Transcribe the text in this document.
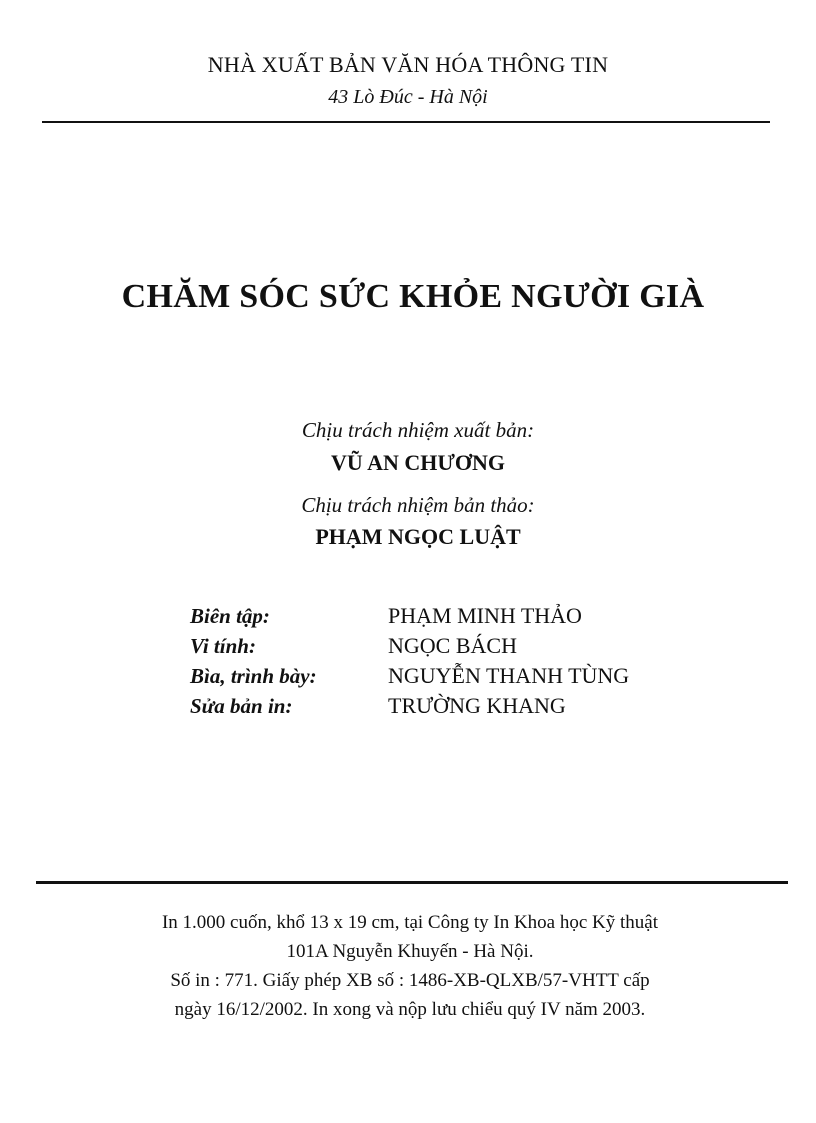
NHÀ XUẤT BẢN VĂN HÓA THÔNG TIN
43 Lò Đúc - Hà Nội
CHĂM SÓC SỨC KHỎE NGƯỜI GIÀ
Chịu trách nhiệm xuất bản:
VŨ AN CHƯƠNG
Chịu trách nhiệm bản thảo:
PHẠM NGỌC LUẬT
Biên tập:	PHẠM MINH THẢO
Vi tính:	NGỌC BÁCH
Bìa, trình bày:	NGUYỄN THANH TÙNG
Sửa bản in:	TRƯỜNG KHANG
In 1.000 cuốn, khổ 13 x 19 cm, tại Công ty In Khoa học Kỹ thuật
101A Nguyễn Khuyến - Hà Nội.
Số in : 771. Giấy phép XB số : 1486-XB-QLXB/57-VHTT cấp
ngày 16/12/2002. In xong và nộp lưu chiểu quý IV năm 2003.
